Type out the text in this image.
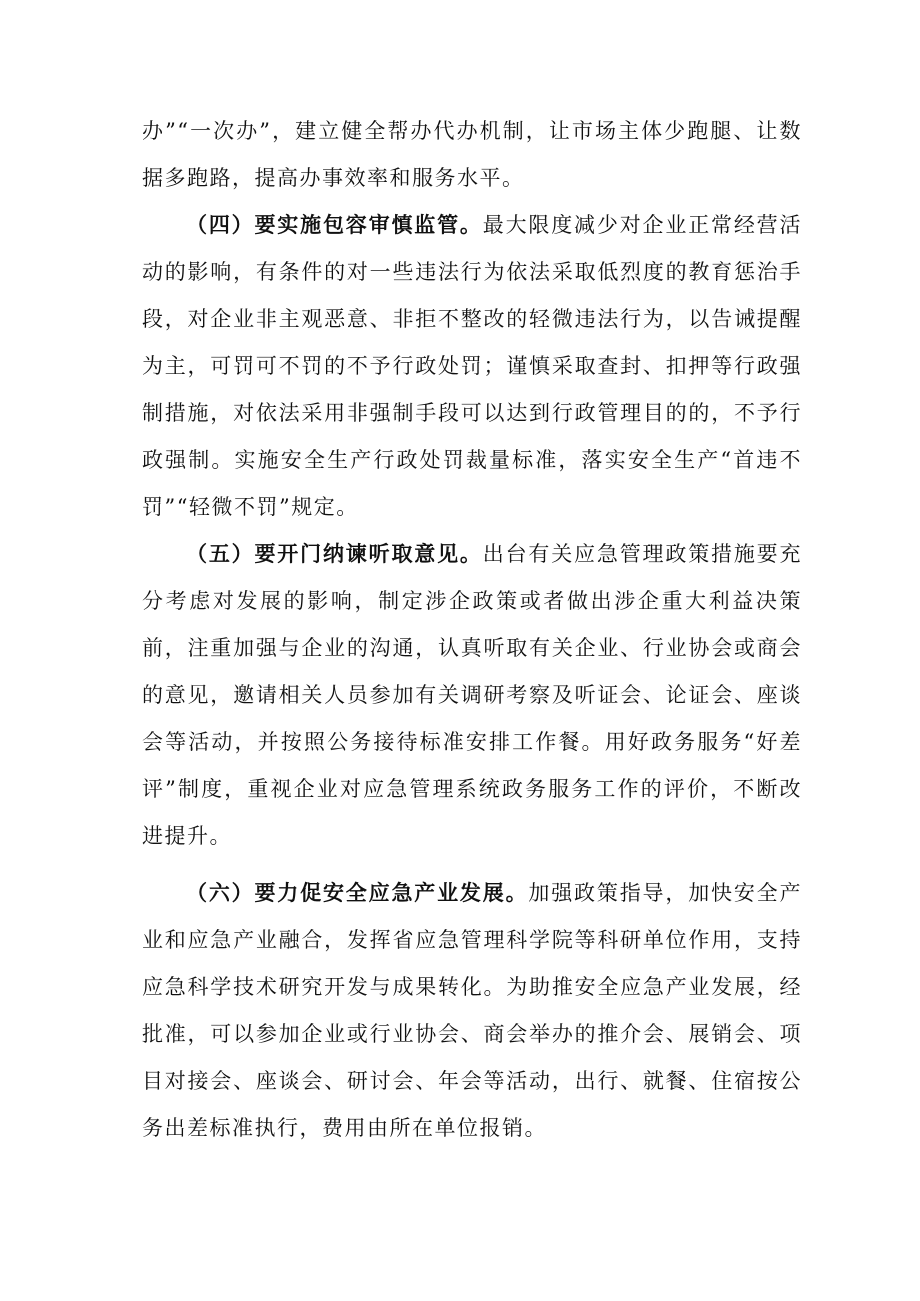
办”“一次办”，建立健全帮办代办机制，让市场主体少跑腿、让数据多跑路，提高办事效率和服务水平。

（四）要实施包容审慎监管。最大限度减少对企业正常经营活动的影响，有条件的对一些违法行为依法采取低烈度的教育惩治手段，对企业非主观恶意、非拒不整改的轻微违法行为，以告诫提醒为主，可罚可不罚的不予行政处罚；谨慎采取查封、扣押等行政强制措施，对依法采用非强制手段可以达到行政管理目的的，不予行政强制。实施安全生产行政处罚裁量标准，落实安全生产“首违不罚”“轻微不罚”规定。

（五）要开门纳谏听取意见。出台有关应急管理政策措施要充分考虑对发展的影响，制定涉企政策或者做出涉企重大利益决策前，注重加强与企业的沟通，认真听取有关企业、行业协会或商会的意见，邀请相关人员参加有关调研考察及听证会、论证会、座谈会等活动，并按照公务接待标准安排工作餐。用好政务服务“好差评”制度，重视企业对应急管理系统政务服务工作的评价，不断改进提升。

（六）要力促安全应急产业发展。加强政策指导，加快安全产业和应急产业融合，发挥省应急管理科学院等科研单位作用，支持应急科学技术研究开发与成果转化。为助推安全应急产业发展，经批准，可以参加企业或行业协会、商会举办的推介会、展销会、项目对接会、座谈会、研讨会、年会等活动，出行、就餐、住宿按公务出差标准执行，费用由所在单位报销。
